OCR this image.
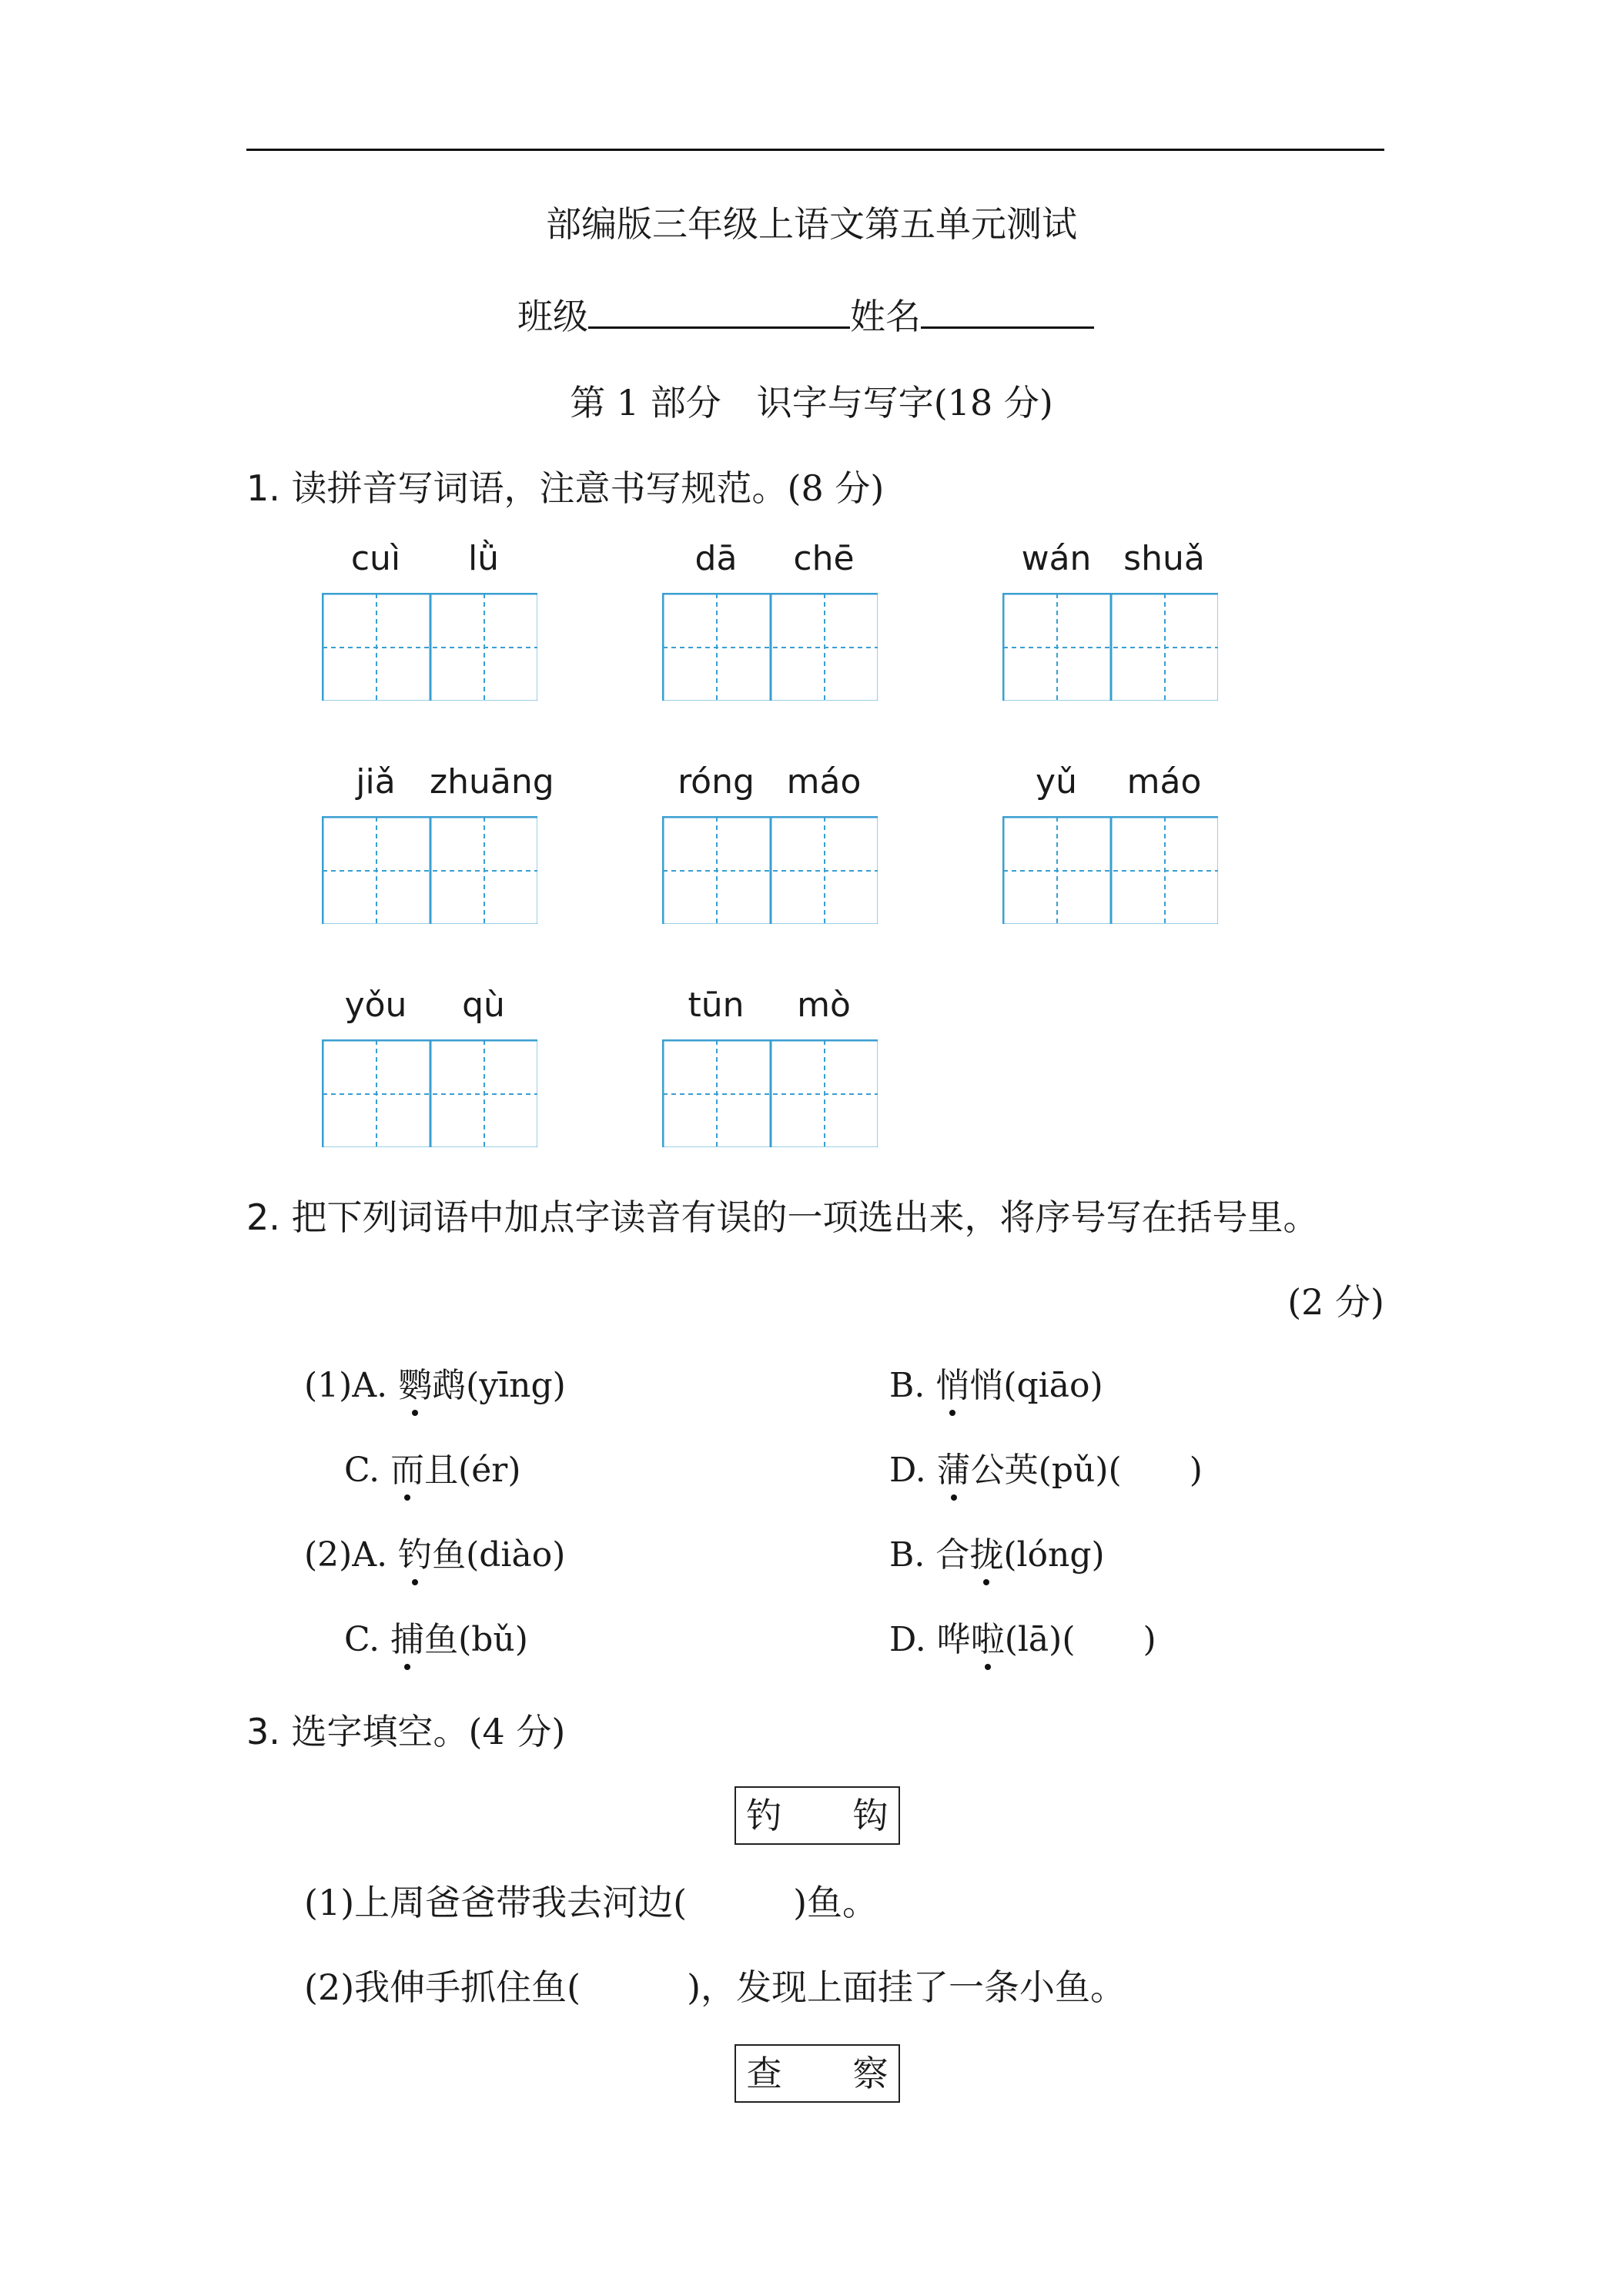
部编版三年级上语文第五单元测试
班级	姓名
第 1 部分　识字与写字(18 分)
1. 读拼音写词语，注意书写规范。(8 分)
cuì	lǜ	dā	chē	wán shuǎ
jiǎ	zhuāng	róng máo	yǔ	máo
yǒu	qù	tūn	mò
2. 把下列词语中加点字读音有误的一项选出来，将序号写在括号里。
(2 分)
(1)A. 鹦鹉(yīng)	B. 悄悄(qiāo)
C. 而且(ér)	D. 蒲公英(pǔ)(　　)
(2)A. 钓鱼(diào)	B. 合拢(lóng)
C. 捕鱼(bǔ)	D. 哗啦(lā)(　　)
3. 选字填空。(4 分)
钓　　钩
(1)上周爸爸带我去河边(　　　)鱼。
(2)我伸手抓住鱼(　　　)，发现上面挂了一条小鱼。
查　　察
